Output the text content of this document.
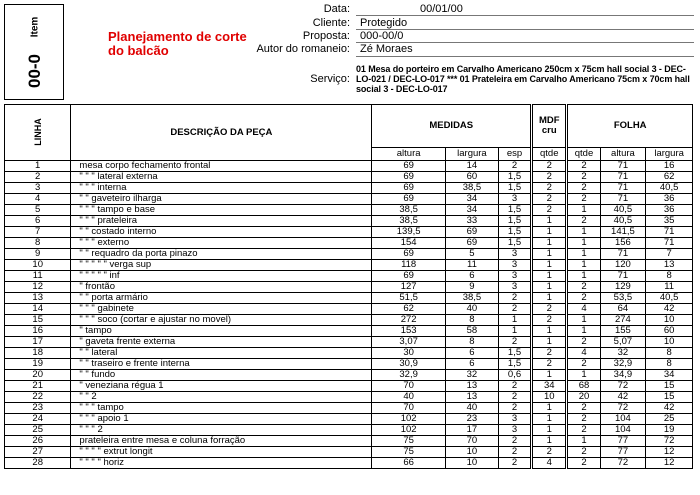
Item
00-0
Planejamento de corte do balcão
Data:	00/01/00
Cliente: Protegido
Proposta: 000-00/0
Autor do romaneio: Zé Moraes
Serviço:
01 Mesa do porteiro em Carvalho Americano 250cm x 75cm hall social 3 - DEC-LO-021 / DEC-LO-017 *** 01 Prateleira em Carvalho Americano 75cm x 70cm hall social 3 - DEC-LO-017
LINHA	DESCRIÇÃO DA PEÇA	MEDIDAS			MDF cru	FOLHA		
		altura	largura	esp	qtde	qtde	altura	largura
1	mesa corpo fechamento frontal	69	14	2	2	2	71	16
2	" " " lateral externa	69	60	1,5	2	2	71	62
3	" " " interna	69	38,5	1,5	2	2	71	40,5
4	" " gaveteiro ilharga	69	34	3	2	2	71	36
5	" " " tampo e base	38,5	34	1,5	2	1	40,5	36
6	" " " prateleira	38,5	33	1,5	1	2	40,5	35
7	" " costado interno	139,5	69	1,5	1	1	141,5	71
8	" " " externo	154	69	1,5	1	1	156	71
9	" " requadro da porta pinazo	69	5	3	1	1	71	7
10	" " " " " verga sup	118	11	3	1	1	120	13
11	" " " " " inf	69	6	3	1	1	71	8
12	" frontão	127	9	3	1	2	129	11
13	" " porta armário	51,5	38,5	2	1	2	53,5	40,5
14	" " " gabinete	62	40	2	2	4	64	42
15	" " " soco (cortar e ajustar no movel)	272	8	1	2	1	274	10
16	" tampo	153	58	1	1	1	155	60
17	" gaveta frente externa	3,07	8	2	1	2	5,07	10
18	" " lateral	30	6	1,5	2	4	32	8
19	" " traseiro e frente interna	30,9	6	1,5	2	2	32,9	8
20	" " fundo	32,9	32	0,6	1	1	34,9	34
21	" veneziana régua 1	70	13	2	34	68	72	15
22	" " 2	40	13	2	10	20	42	15
23	" " " tampo	70	40	2	1	2	72	42
24	" " " apoio 1	102	23	3	1	2	104	25
25	" " " 2	102	17	3	1	2	104	19
26	prateleira entre mesa e coluna forração	75	70	2	1	1	77	72
27	" " " " extrut longit	75	10	2	2	2	77	12
28	" " " " horiz	66	10	2	4	2	72	12
